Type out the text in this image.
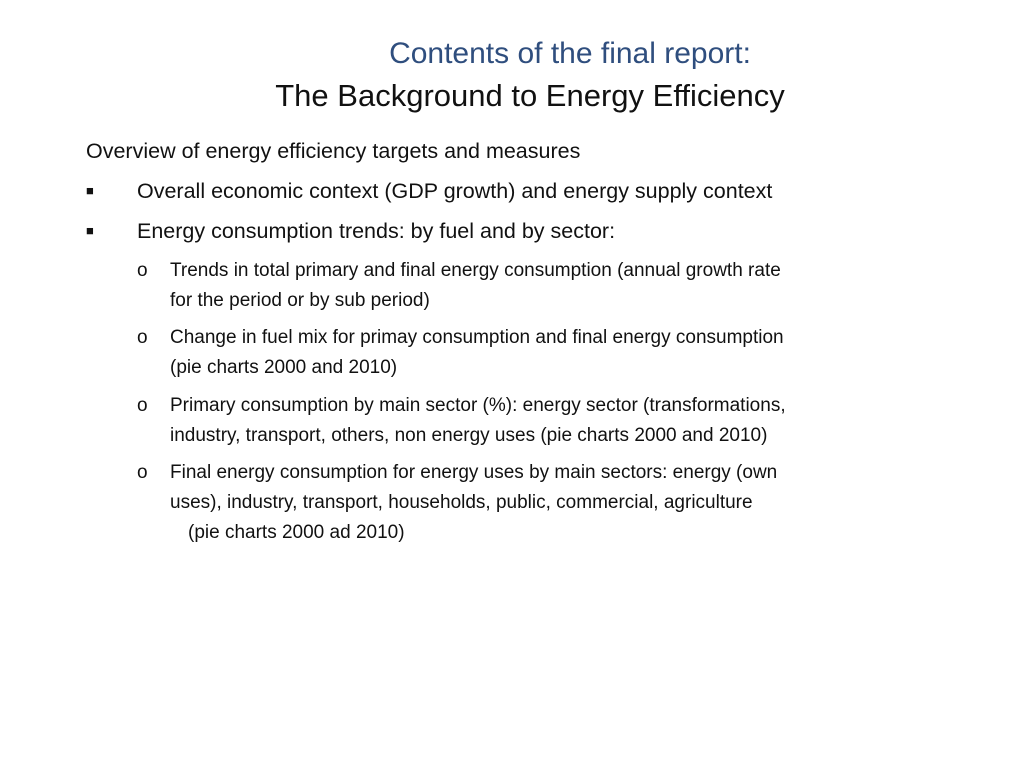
Contents of the final report:
The Background to Energy Efficiency
Overview of energy efficiency targets and measures
■ Overall economic context (GDP growth) and energy supply context
■ Energy consumption trends: by fuel and by sector:
o Trends in total primary and final energy consumption (annual growth rate
for the period or by sub period)
o Change in fuel mix for primay consumption and final energy consumption
(pie charts 2000 and 2010)
o Primary consumption by main sector (%): energy sector (transformations,
industry, transport, others, non energy uses (pie charts 2000 and 2010)
o Final energy consumption for energy uses by main sectors: energy (own
uses), industry, transport, households, public, commercial, agriculture
(pie charts 2000 ad 2010)
